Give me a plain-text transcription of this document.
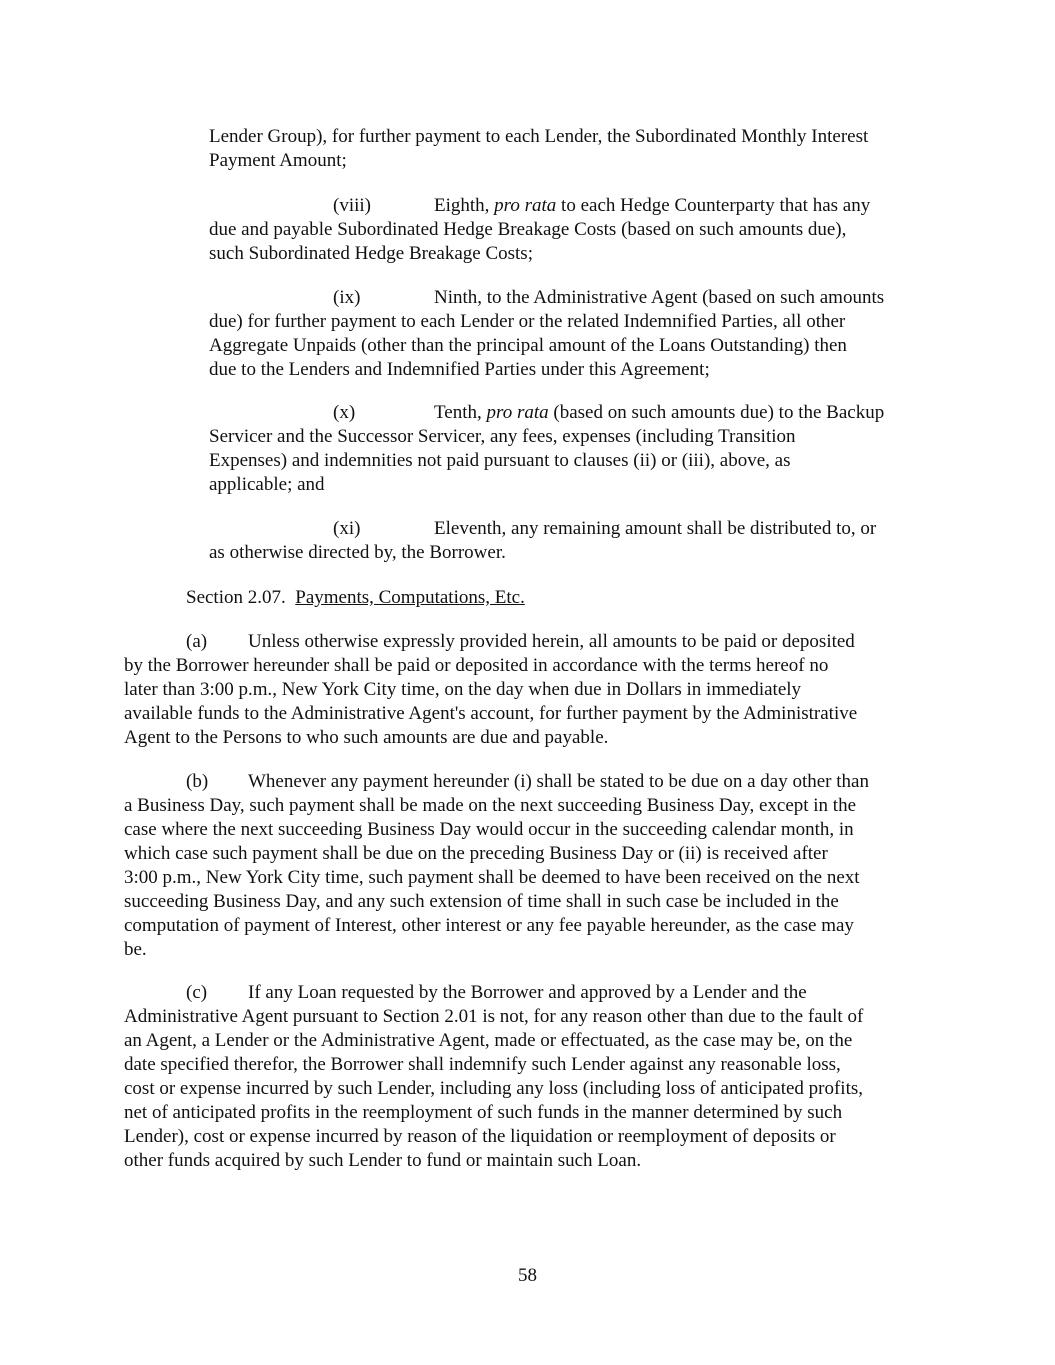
Lender Group), for further payment to each Lender, the Subordinated Monthly Interest
Payment Amount;
(viii)	Eighth, pro rata to each Hedge Counterparty that has any
due and payable Subordinated Hedge Breakage Costs (based on such amounts due),
such Subordinated Hedge Breakage Costs;
(ix)	Ninth, to the Administrative Agent (based on such amounts
due) for further payment to each Lender or the related Indemnified Parties, all other
Aggregate Unpaids (other than the principal amount of the Loans Outstanding) then
due to the Lenders and Indemnified Parties under this Agreement;
(x)	Tenth, pro rata (based on such amounts due) to the Backup
Servicer and the Successor Servicer, any fees, expenses (including Transition
Expenses) and indemnities not paid pursuant to clauses (ii) or (iii), above, as
applicable; and
(xi)	Eleventh, any remaining amount shall be distributed to, or
as otherwise directed by, the Borrower.
Section 2.07.  Payments, Computations, Etc.
(a) Unless otherwise expressly provided herein, all amounts to be paid or deposited
by the Borrower hereunder shall be paid or deposited in accordance with the terms hereof no
later than 3:00 p.m., New York City time, on the day when due in Dollars in immediately
available funds to the Administrative Agent's account, for further payment by the Administrative
Agent to the Persons to who such amounts are due and payable.
(b) Whenever any payment hereunder (i) shall be stated to be due on a day other than
a Business Day, such payment shall be made on the next succeeding Business Day, except in the
case where the next succeeding Business Day would occur in the succeeding calendar month, in
which case such payment shall be due on the preceding Business Day or (ii) is received after
3:00 p.m., New York City time, such payment shall be deemed to have been received on the next
succeeding Business Day, and any such extension of time shall in such case be included in the
computation of payment of Interest, other interest or any fee payable hereunder, as the case may
be.
(c) If any Loan requested by the Borrower and approved by a Lender and the
Administrative Agent pursuant to Section 2.01 is not, for any reason other than due to the fault of
an Agent, a Lender or the Administrative Agent, made or effectuated, as the case may be, on the
date specified therefor, the Borrower shall indemnify such Lender against any reasonable loss,
cost or expense incurred by such Lender, including any loss (including loss of anticipated profits,
net of anticipated profits in the reemployment of such funds in the manner determined by such
Lender), cost or expense incurred by reason of the liquidation or reemployment of deposits or
other funds acquired by such Lender to fund or maintain such Loan.
58
